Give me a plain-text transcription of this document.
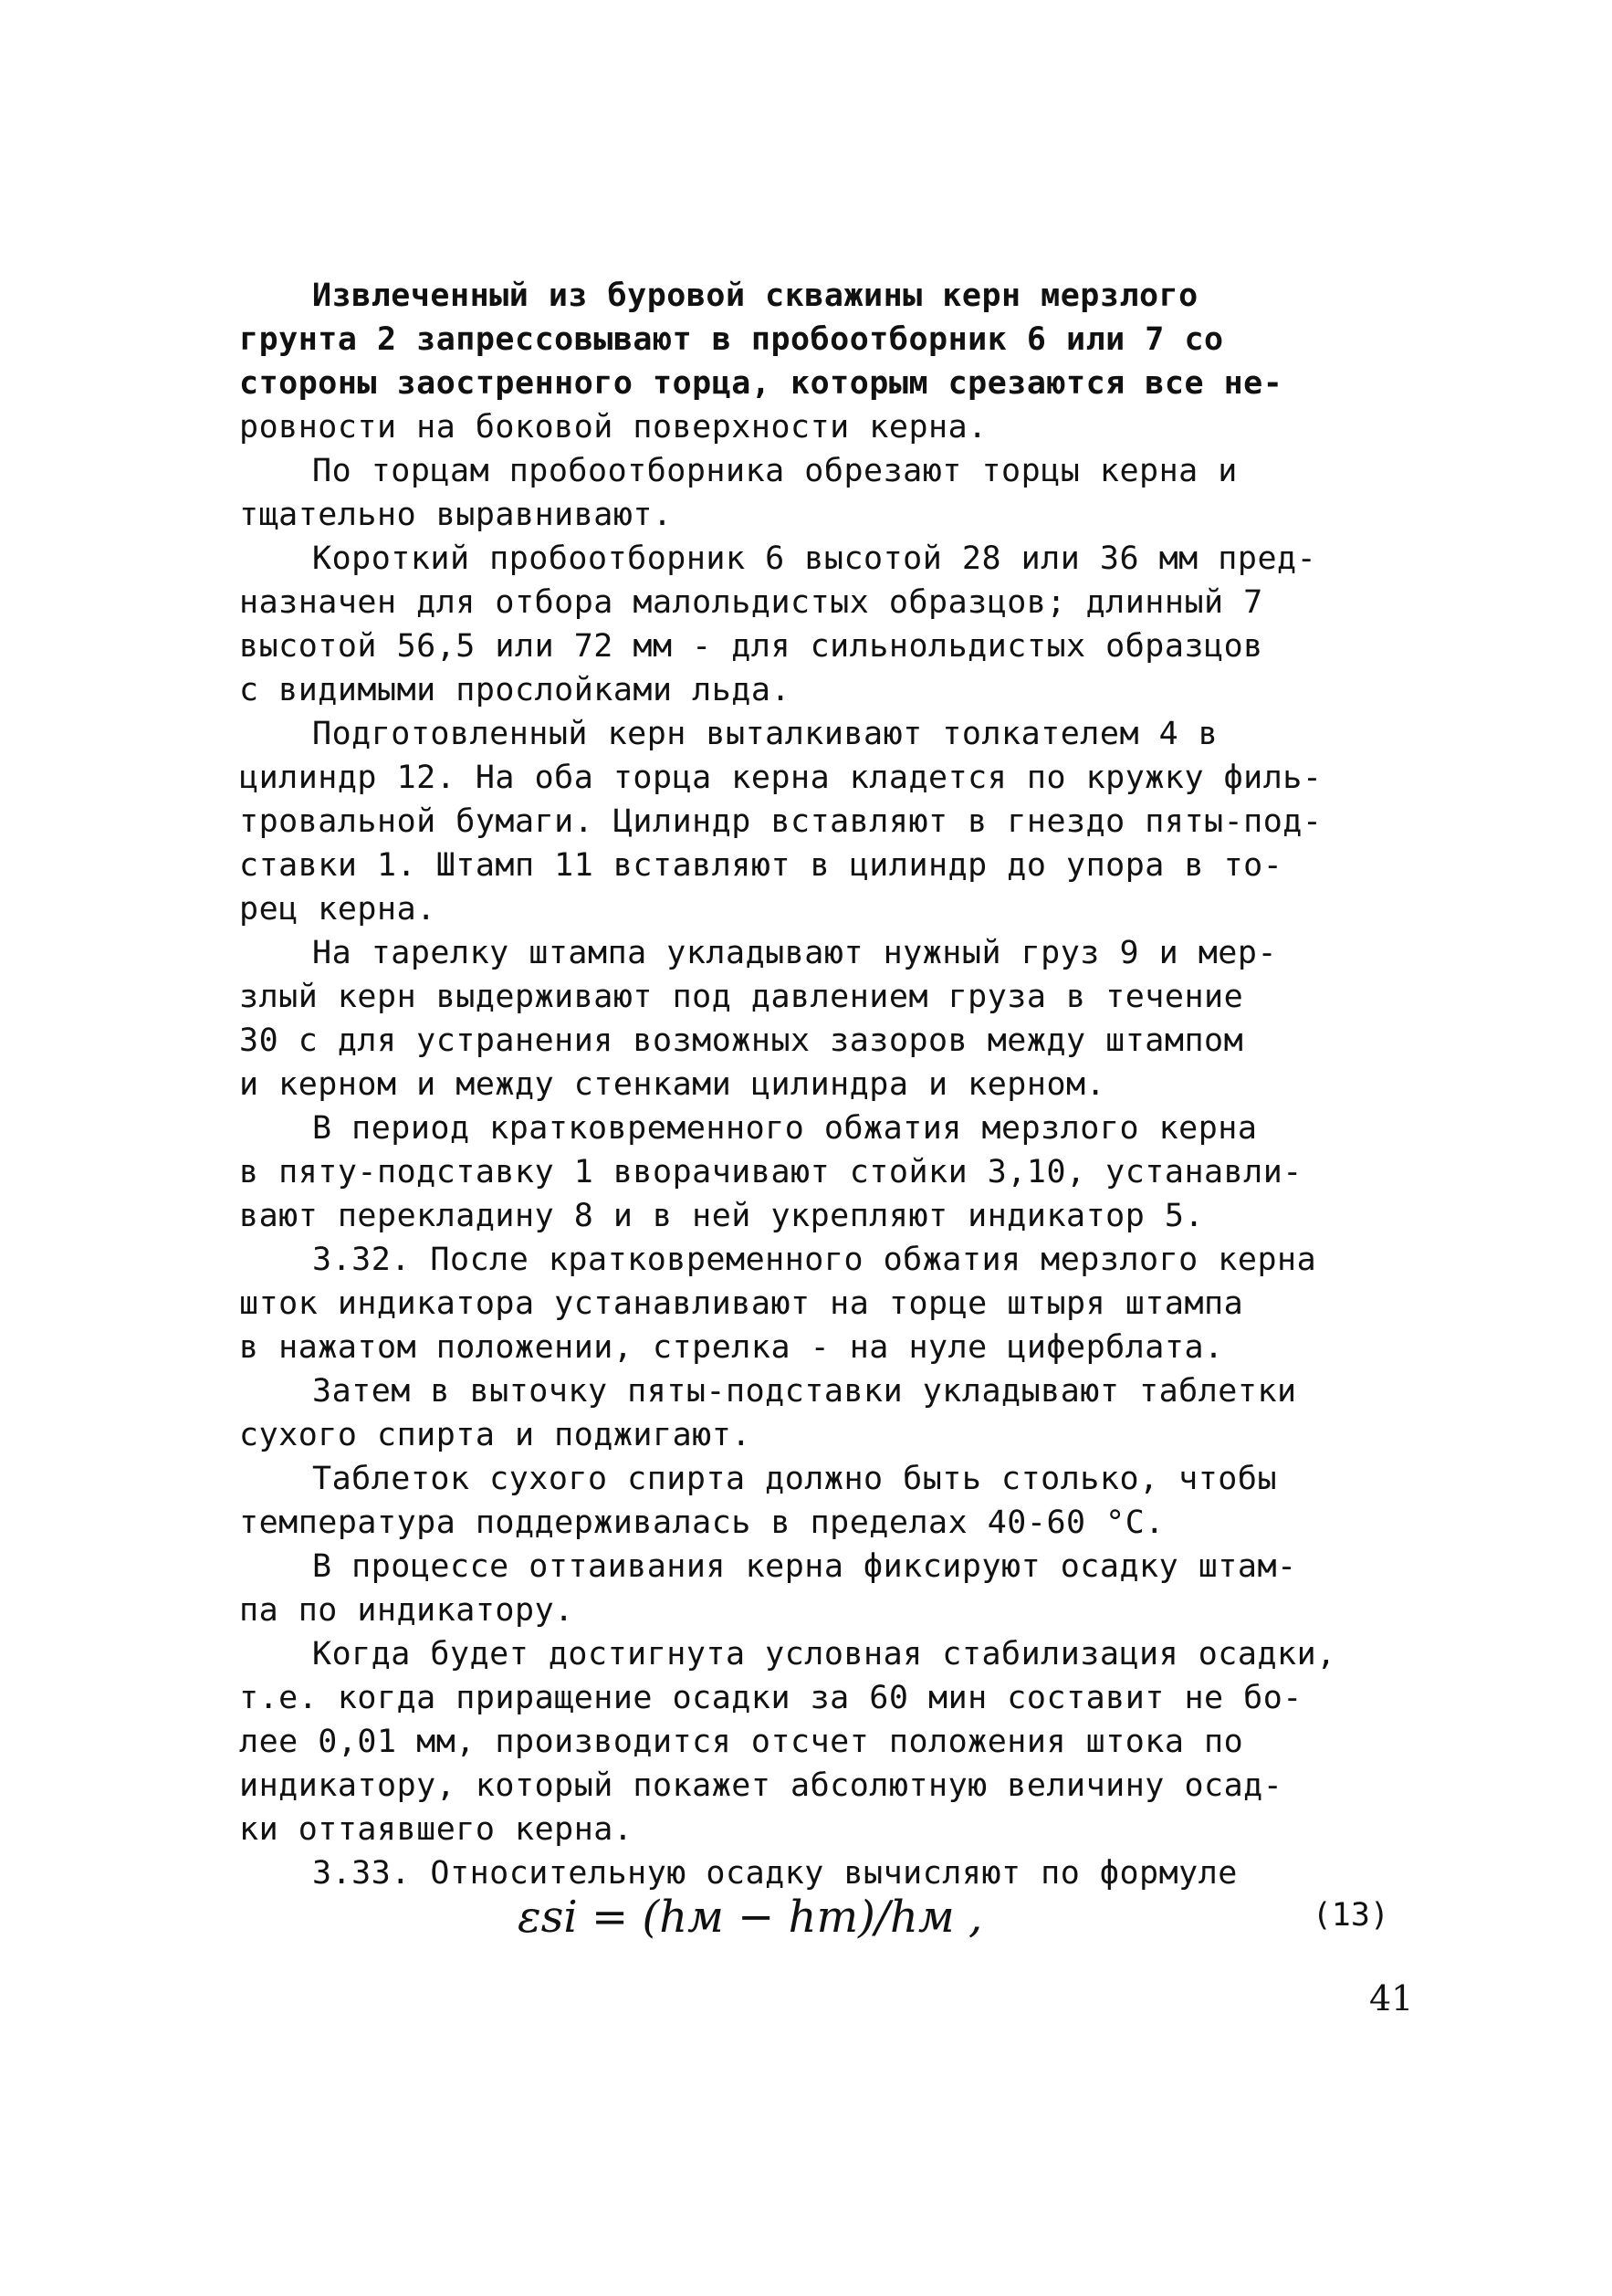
Извлеченный из буровой скважины керн мерзлого
грунта 2 запрессовывают в пробоотборник 6 или 7 со
стороны заостренного торца, которым срезаются все не-
ровности на боковой поверхности керна.
По торцам пробоотборника обрезают торцы керна и
тщательно выравнивают.
Короткий пробоотборник 6 высотой 28 или 36 мм пред-
назначен для отбора малольдистых образцов; длинный 7
высотой 56,5 или 72 мм - для сильнольдистых образцов
с видимыми прослойками льда.
Подготовленный керн выталкивают толкателем 4 в
цилиндр 12. На оба торца керна кладется по кружку филь-
тровальной бумаги. Цилиндр вставляют в гнездо пяты-под-
ставки 1. Штамп 11 вставляют в цилиндр до упора в то-
рец керна.
На тарелку штампа укладывают нужный груз 9 и мер-
злый керн выдерживают под давлением груза в течение
30 с для устранения возможных зазоров между штампом
и керном и между стенками цилиндра и керном.
В период кратковременного обжатия мерзлого керна
в пяту-подставку 1 вворачивают стойки 3,10, устанавли-
вают перекладину 8 и в ней укрепляют индикатор 5.
3.32. После кратковременного обжатия мерзлого керна
шток индикатора устанавливают на торце штыря штампа
в нажатом положении, стрелка - на нуле циферблата.
Затем в выточку пяты-подставки укладывают таблетки
сухого спирта и поджигают.
Таблеток сухого спирта должно быть столько, чтобы
температура поддерживалась в пределах 40-60 °С.
В процессе оттаивания керна фиксируют осадку штам-
па по индикатору.
Когда будет достигнута условная стабилизация осадки,
т.е. когда приращение осадки за 60 мин составит не бо-
лее 0,01 мм, производится отсчет положения штока по
индикатору, который покажет абсолютную величину осад-
ки оттаявшего керна.
3.33. Относительную осадку вычисляют по формуле
εsi = (hм − hт)/hм ,	(13)
41
